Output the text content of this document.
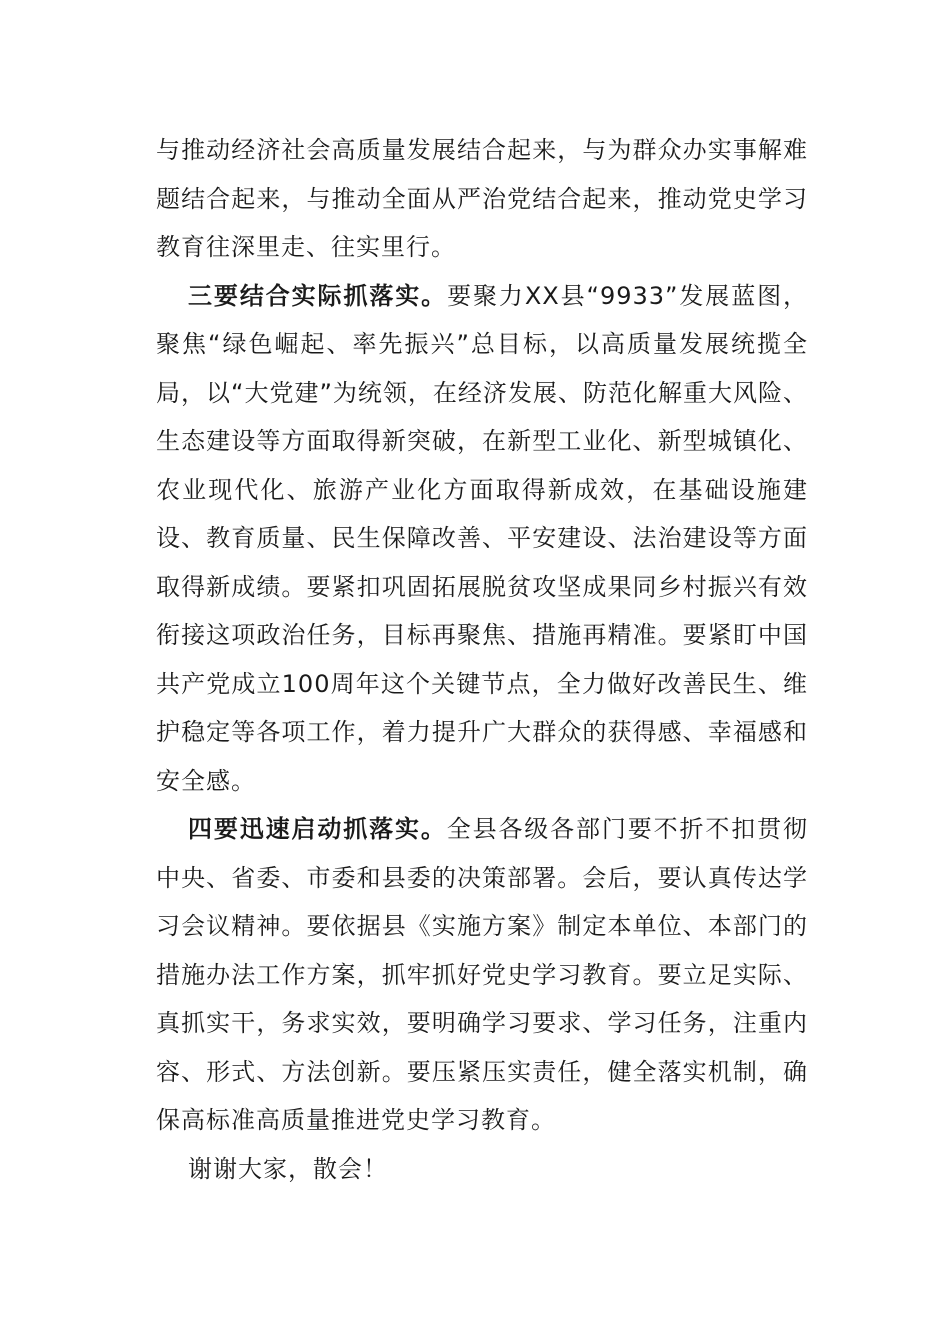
与推动经济社会高质量发展结合起来，与为群众办实事解难题结合起来，与推动全面从严治党结合起来，推动党史学习教育往深里走、往实里行。

三要结合实际抓落实。要聚力XX县“9933”发展蓝图，聚焦“绿色崛起、率先振兴”总目标，以高质量发展统揽全局，以“大党建”为统领，在经济发展、防范化解重大风险、生态建设等方面取得新突破，在新型工业化、新型城镇化、农业现代化、旅游产业化方面取得新成效，在基础设施建设、教育质量、民生保障改善、平安建设、法治建设等方面取得新成绩。要紧扣巩固拓展脱贫攻坚成果同乡村振兴有效衔接这项政治任务，目标再聚焦、措施再精准。要紧盯中国共产党成立100周年这个关键节点，全力做好改善民生、维护稳定等各项工作，着力提升广大群众的获得感、幸福感和安全感。

四要迅速启动抓落实。全县各级各部门要不折不扣贯彻中央、省委、市委和县委的决策部署。会后，要认真传达学习会议精神。要依据县《实施方案》制定本单位、本部门的措施办法工作方案，抓牢抓好党史学习教育。要立足实际、真抓实干，务求实效，要明确学习要求、学习任务，注重内容、形式、方法创新。要压紧压实责任，健全落实机制，确保高标准高质量推进党史学习教育。

谢谢大家，散会！
